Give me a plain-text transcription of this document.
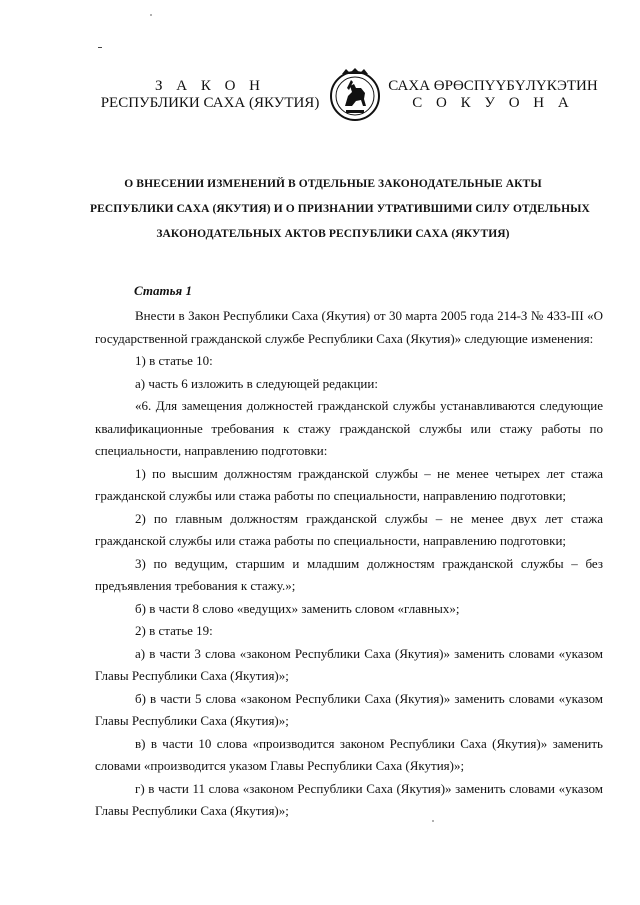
З А К О Н
РЕСПУБЛИКИ САХА (ЯКУТИЯ)
САХА ӨРӨСПҮҮБҮЛҮКЭТИН
С О К У О Н А
О ВНЕСЕНИИ ИЗМЕНЕНИЙ В ОТДЕЛЬНЫЕ ЗАКОНОДАТЕЛЬНЫЕ АКТЫ
РЕСПУБЛИКИ САХА (ЯКУТИЯ) И О ПРИЗНАНИИ УТРАТИВШИМИ СИЛУ ОТДЕЛЬНЫХ
ЗАКОНОДАТЕЛЬНЫХ АКТОВ РЕСПУБЛИКИ САХА (ЯКУТИЯ)
Статья 1

Внести в Закон Республики Саха (Якутия) от 30 марта 2005 года 214-З № 433-III «О государственной гражданской службе Республики Саха (Якутия)» следующие изменения:

1) в статье 10:

а) часть 6 изложить в следующей редакции:

«6. Для замещения должностей гражданской службы устанавливаются следующие квалификационные требования к стажу гражданской службы или стажу работы по специальности, направлению подготовки:

1) по высшим должностям гражданской службы – не менее четырех лет стажа гражданской службы или стажа работы по специальности, направлению подготовки;

2) по главным должностям гражданской службы – не менее двух лет стажа гражданской службы или стажа работы по специальности, направлению подготовки;

3) по ведущим, старшим и младшим должностям гражданской службы – без предъявления требования к стажу.»;

б) в части 8 слово «ведущих» заменить словом «главных»;

2) в статье 19:

а) в части 3 слова «законом Республики Саха (Якутия)» заменить словами «указом Главы Республики Саха (Якутия)»;

б) в части 5 слова «законом Республики Саха (Якутия)» заменить словами «указом Главы Республики Саха (Якутия)»;

в) в части 10 слова «производится законом Республики Саха (Якутия)» заменить словами «производится указом Главы Республики Саха (Якутия)»;

г) в части 11 слова «законом Республики Саха (Якутия)» заменить словами «указом Главы Республики Саха (Якутия)»;
